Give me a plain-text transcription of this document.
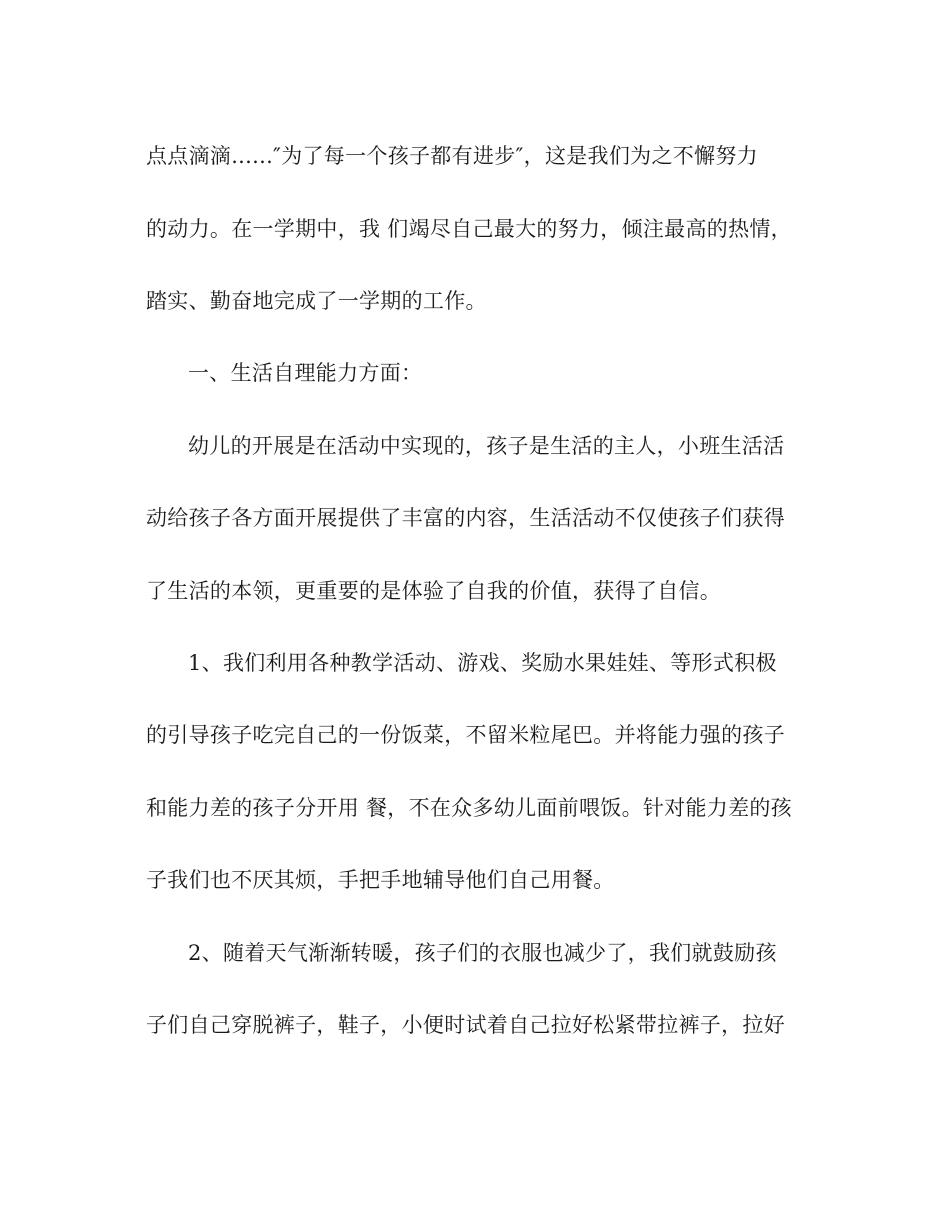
点点滴滴......″为了每一个孩子都有进步″，这是我们为之不懈努力
的动力。在一学期中，我 们竭尽自己最大的努力，倾注最高的热情，
踏实、勤奋地完成了一学期的工作。
一、生活自理能力方面：
幼儿的开展是在活动中实现的，孩子是生活的主人，小班生活活
动给孩子各方面开展提供了丰富的内容，生活活动不仅使孩子们获得
了生活的本领，更重要的是体验了自我的价值，获得了自信。
1、我们利用各种教学活动、游戏、奖励水果娃娃、等形式积极
的引导孩子吃完自己的一份饭菜，不留米粒尾巴。并将能力强的孩子
和能力差的孩子分开用 餐，不在众多幼儿面前喂饭。针对能力差的孩
子我们也不厌其烦，手把手地辅导他们自己用餐。
2、随着天气渐渐转暖，孩子们的衣服也减少了，我们就鼓励孩
子们自己穿脱裤子，鞋子，小便时试着自己拉好松紧带拉裤子，拉好
